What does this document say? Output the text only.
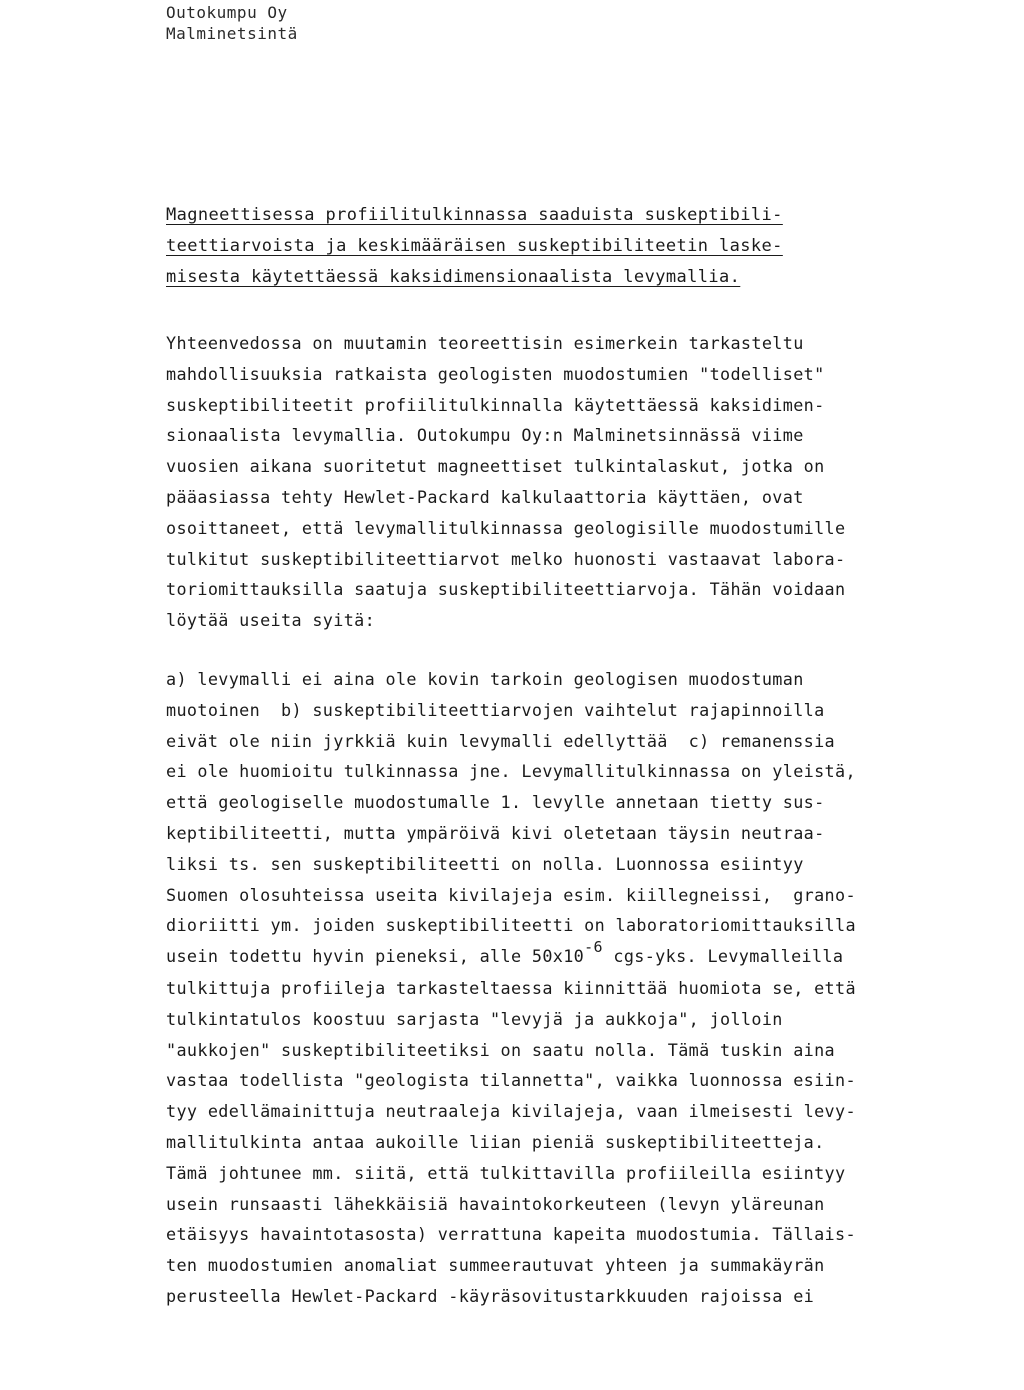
Outokumpu Oy
Malminetsintä
Magneettisessa profiilitulkinnassa saaduista suskeptibili-
teettiarvoista ja keskimääräisen suskeptibiliteetin laske-
misesta käytettäessä kaksidimensionaalista levymallia.
Yhteenvedossa on muutamin teoreettisin esimerkein tarkasteltu
mahdollisuuksia ratkaista geologisten muodostumien "todelliset"
suskeptibiliteetit profiilitulkinnalla käytettäessä kaksidimen-
sionaalista levymallia. Outokumpu Oy:n Malminetsinnässä viime
vuosien aikana suoritetut magneettiset tulkintalaskut, jotka on
pääasiassa tehty Hewlet-Packard kalkulaattoria käyttäen, ovat
osoittaneet, että levymallitulkinnassa geologisille muodostumille
tulkitut suskeptibiliteettiarvot melko huonosti vastaavat labora-
toriomittauksilla saatuja suskeptibiliteettiarvoja. Tähän voidaan
löytää useita syitä:
a) levymalli ei aina ole kovin tarkoin geologisen muodostuman
muotoinen  b) suskeptibiliteettiarvojen vaihtelut rajapinnoilla
eivät ole niin jyrkkiä kuin levymalli edellyttää  c) remanenssia
ei ole huomioitu tulkinnassa jne. Levymallitulkinnassa on yleistä,
että geologiselle muodostumalle 1. levylle annetaan tietty sus-
keptibiliteetti, mutta ympäröivä kivi oletetaan täysin neutraa-
liksi ts. sen suskeptibiliteetti on nolla. Luonnossa esiintyy
Suomen olosuhteissa useita kivilajeja esim. kiillegneissi,  grano-
dioriitti ym. joiden suskeptibiliteetti on laboratoriomittauksilla
usein todettu hyvin pieneksi, alle 50x10-6 cgs-yks. Levymalleilla
tulkittuja profiileja tarkasteltaessa kiinnittää huomiota se, että
tulkintatulos koostuu sarjasta "levyjä ja aukkoja", jolloin
"aukkojen" suskeptibiliteetiksi on saatu nolla. Tämä tuskin aina
vastaa todellista "geologista tilannetta", vaikka luonnossa esiin-
tyy edellämainittuja neutraaleja kivilajeja, vaan ilmeisesti levy-
mallitulkinta antaa aukoille liian pieniä suskeptibiliteetteja.
Tämä johtunee mm. siitä, että tulkittavilla profiileilla esiintyy
usein runsaasti lähekkäisiä havaintokorkeuteen (levyn yläreunan
etäisyys havaintotasosta) verrattuna kapeita muodostumia. Tällais-
ten muodostumien anomaliat summeerautuvat yhteen ja summakäyrän
perusteella Hewlet-Packard -käyräsovitustarkkuuden rajoissa ei
